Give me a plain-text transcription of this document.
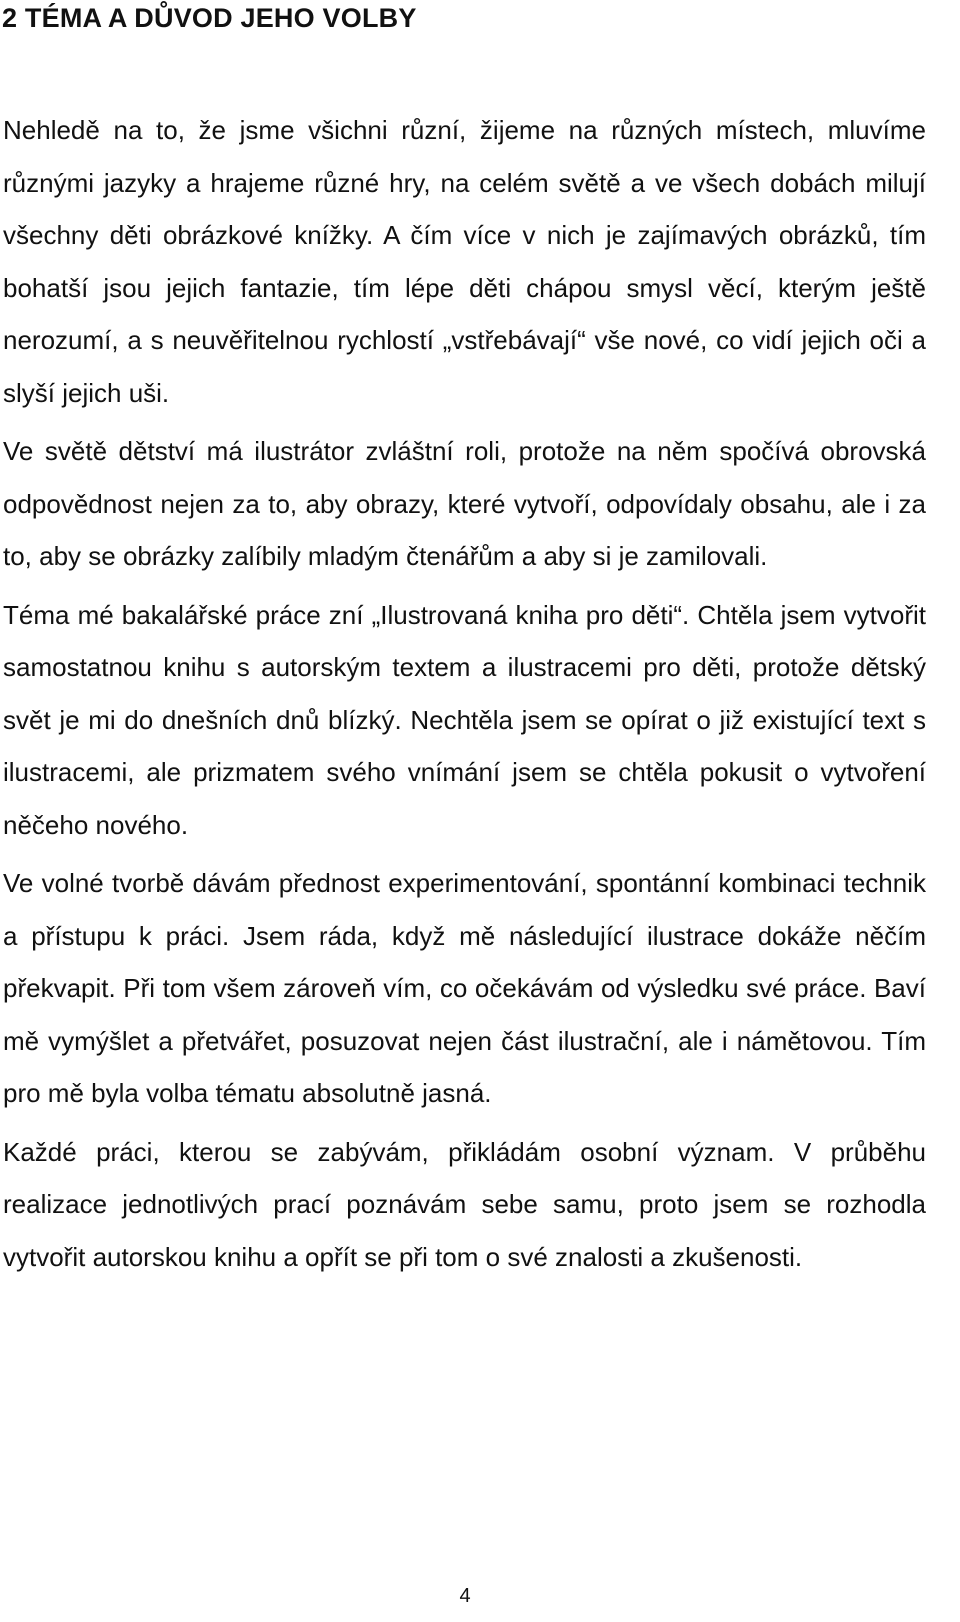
2 TÉMA A DŮVOD JEHO VOLBY

Nehledě na to, že jsme všichni různí, žijeme na různých místech, mluvíme různými jazyky a hrajeme různé hry, na celém světě a ve všech dobách milují všechny děti obrázkové knížky. A čím více v nich je zajímavých obrázků, tím bohatší jsou jejich fantazie, tím lépe děti chápou smysl věcí, kterým ještě nerozumí, a s neuvěřitelnou rychlostí „vstřebávají“ vše nové, co vidí jejich oči a slyší jejich uši.

Ve světě dětství má ilustrátor zvláštní roli, protože na něm spočívá obrovská odpovědnost nejen za to, aby obrazy, které vytvoří, odpovídaly obsahu, ale i za to, aby se obrázky zalíbily mladým čtenářům a aby si je zamilovali.

Téma mé bakalářské práce zní „Ilustrovaná kniha pro děti“. Chtěla jsem vytvořit samostatnou knihu s autorským textem a ilustracemi pro děti, protože dětský svět je mi do dnešních dnů blízký. Nechtěla jsem se opírat o již existující text s ilustracemi, ale prizmatem svého vnímání jsem se chtěla pokusit o vytvoření něčeho nového.

Ve volné tvorbě dávám přednost experimentování, spontánní kombinaci technik a přístupu k práci. Jsem ráda, když mě následující ilustrace dokáže něčím překvapit. Při tom všem zároveň vím, co očekávám od výsledku své práce. Baví mě vymýšlet a přetvářet, posuzovat nejen část ilustrační, ale i námětovou. Tím pro mě byla volba tématu absolutně jasná.

Každé práci, kterou se zabývám, přikládám osobní význam. V průběhu realizace jednotlivých prací poznávám sebe samu, proto jsem se rozhodla vytvořit autorskou knihu a opřít se při tom o své znalosti a zkušenosti.

4
